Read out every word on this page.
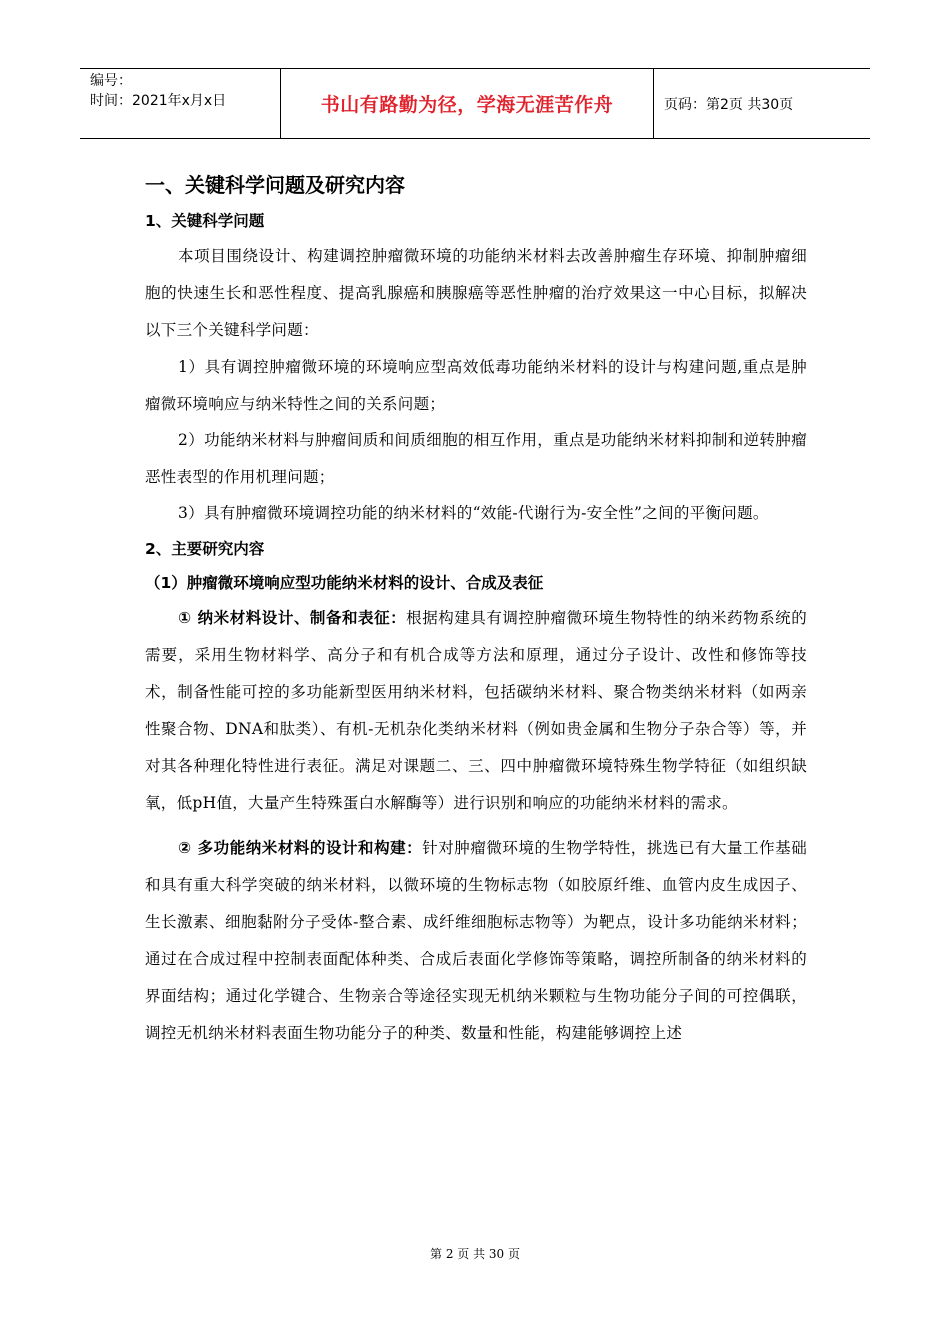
编号：
时间：2021年x月x日	书山有路勤为径，学海无涯苦作舟	页码：第2页 共30页
一、关键科学问题及研究内容
1、关键科学问题

本项目围绕设计、构建调控肿瘤微环境的功能纳米材料去改善肿瘤生存环境、抑制肿瘤细胞的快速生长和恶性程度、提高乳腺癌和胰腺癌等恶性肿瘤的治疗效果这一中心目标，拟解决以下三个关键科学问题：

1）具有调控肿瘤微环境的环境响应型高效低毒功能纳米材料的设计与构建问题,重点是肿瘤微环境响应与纳米特性之间的关系问题；

2）功能纳米材料与肿瘤间质和间质细胞的相互作用，重点是功能纳米材料抑制和逆转肿瘤恶性表型的作用机理问题；

3）具有肿瘤微环境调控功能的纳米材料的“效能-代谢行为-安全性”之间的平衡问题。

2、主要研究内容
（1）肿瘤微环境响应型功能纳米材料的设计、合成及表征

① 纳米材料设计、制备和表征：根据构建具有调控肿瘤微环境生物特性的纳米药物系统的需要，采用生物材料学、高分子和有机合成等方法和原理，通过分子设计、改性和修饰等技术，制备性能可控的多功能新型医用纳米材料，包括碳纳米材料、聚合物类纳米材料（如两亲性聚合物、DNA和肽类）、有机-无机杂化类纳米材料（例如贵金属和生物分子杂合等）等，并对其各种理化特性进行表征。满足对课题二、三、四中肿瘤微环境特殊生物学特征（如组织缺氧，低pH值，大量产生特殊蛋白水解酶等）进行识别和响应的功能纳米材料的需求。

② 多功能纳米材料的设计和构建：针对肿瘤微环境的生物学特性，挑选已有大量工作基础和具有重大科学突破的纳米材料，以微环境的生物标志物（如胶原纤维、血管内皮生成因子、生长激素、细胞黏附分子受体-整合素、成纤维细胞标志物等）为靶点，设计多功能纳米材料；通过在合成过程中控制表面配体种类、合成后表面化学修饰等策略，调控所制备的纳米材料的界面结构；通过化学键合、生物亲合等途径实现无机纳米颗粒与生物功能分子间的可控偶联，调控无机纳米材料表面生物功能分子的种类、数量和性能，构建能够调控上述

第 2 页 共 30 页
